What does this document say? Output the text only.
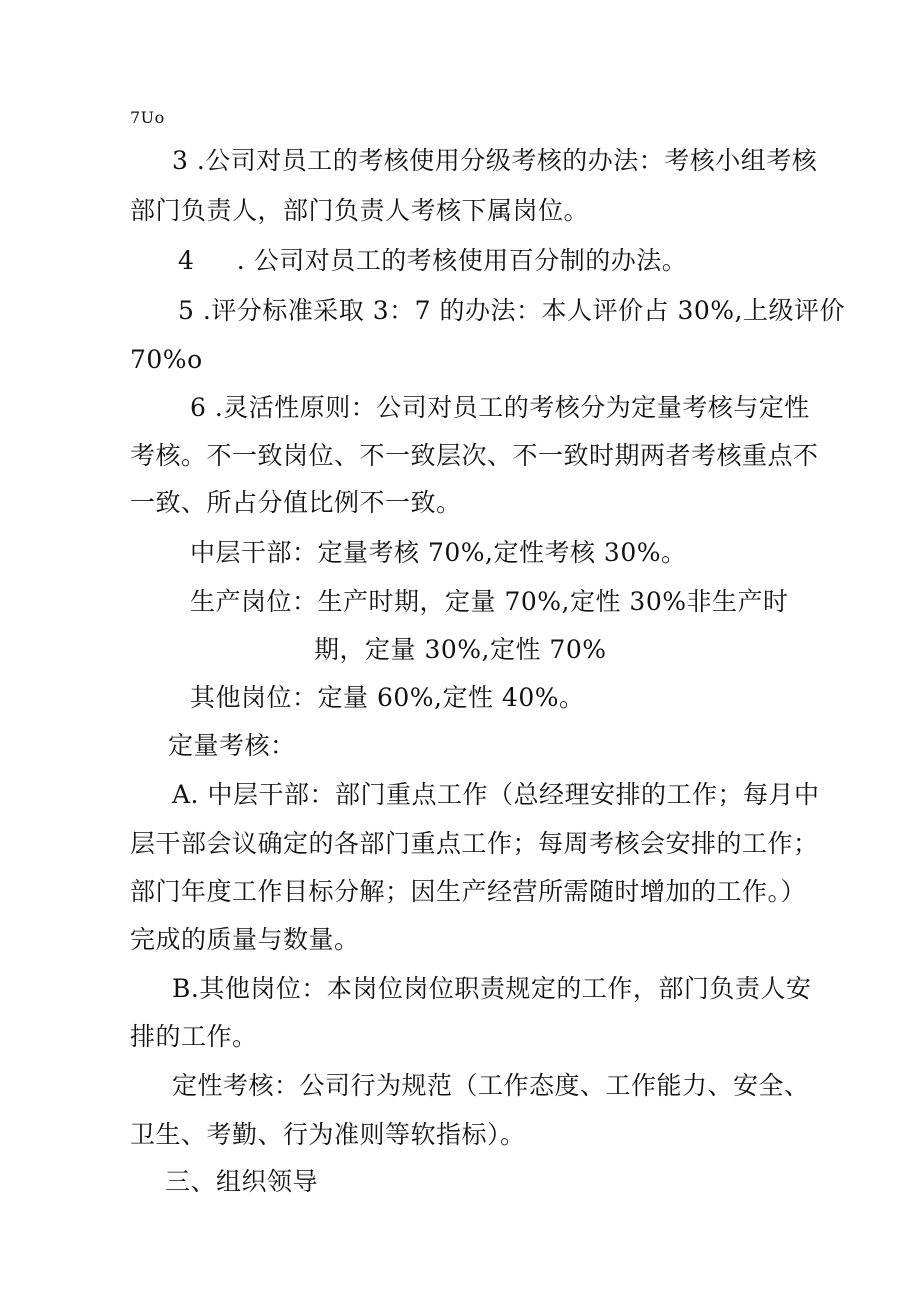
7Uo
3 .公司对员工的考核使用分级考核的办法：考核小组考核
部门负责人，部门负责人考核下属岗位。
4 　 . 公司对员工的考核使用百分制的办法。
5 .评分标准采取 3：7 的办法：本人评价占 30%,上级评价
70%o
6 .灵活性原则：公司对员工的考核分为定量考核与定性
考核。不一致岗位、不一致层次、不一致时期两者考核重点不
一致、所占分值比例不一致。
中层干部：定量考核 70%,定性考核 30%。
生产岗位：生产时期，定量 70%,定性 30%非生产时
期，定量 30%,定性 70%
其他岗位：定量 60%,定性 40%。
定量考核：
A. 中层干部：部门重点工作（总经理安排的工作；每月中
层干部会议确定的各部门重点工作；每周考核会安排的工作；
部门年度工作目标分解；因生产经营所需随时增加的工作。）
完成的质量与数量。
B.其他岗位：本岗位岗位职责规定的工作，部门负责人安
排的工作。
定性考核：公司行为规范（工作态度、工作能力、安全、
卫生、考勤、行为准则等软指标）。
三、组织领导
